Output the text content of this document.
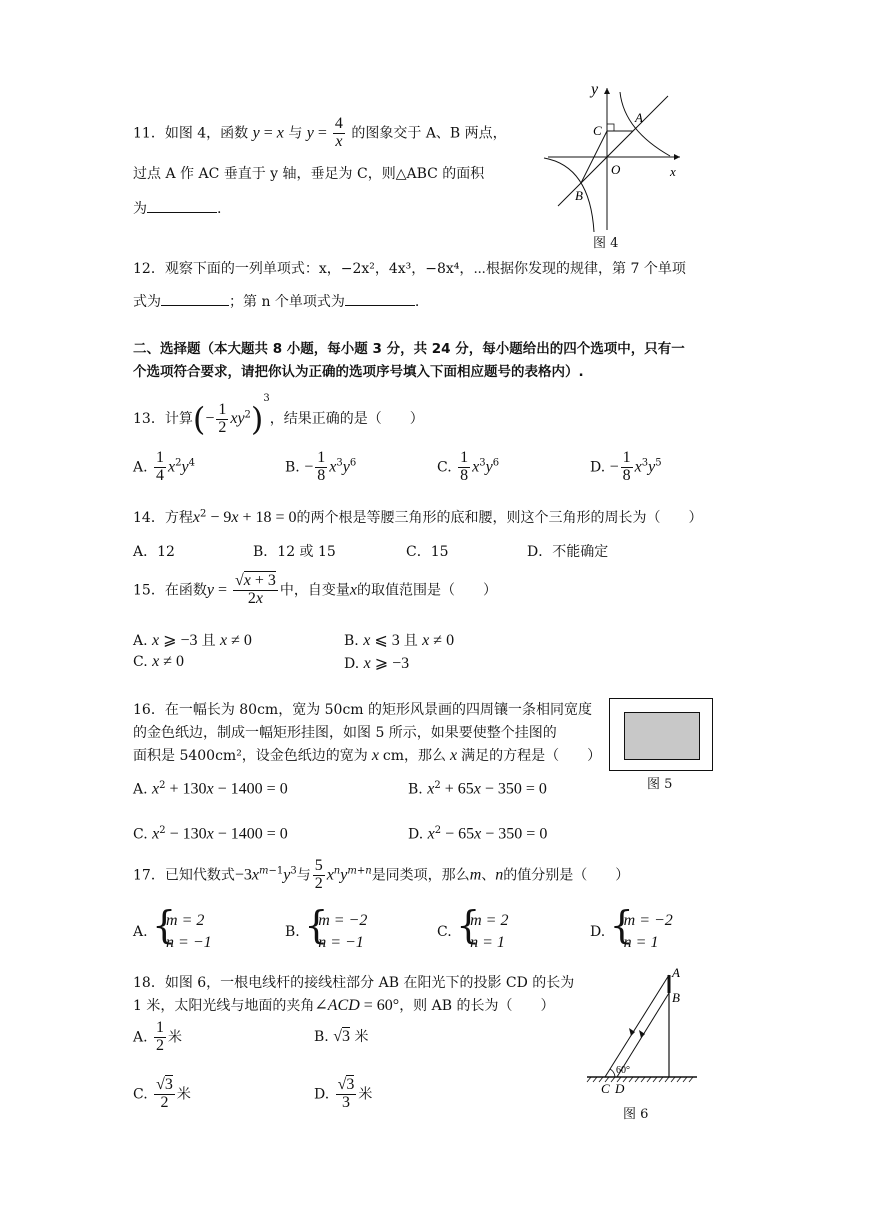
11．如图 4，函数 y = x 与 $y = \frac{4}{x}$ 的图象交于 A、B 两点，
过点 A 作 AC 垂直于 y 轴，垂足为 C，则△ABC 的面积
为	.
y
x
A
C
O
B
图 4
12．观察下面的一列单项式：x，−2x²，4x³，−8x⁴，⋯根据你发现的规律，第 7 个单项
式为	；第 n 个单项式为	.
二、选择题（本大题共 8 小题，每小题 3 分，共 24 分，每小题给出的四个选项中，只有一
个选项符合要求，请把你认为正确的选项序号填入下面相应题号的表格内）.
13．计算(− $\frac{1}{2} xy^2)^3$，结果正确的是（　　）
A. $\frac{1}{4} x^2y^4$	B. − $\frac{1}{8} x^3y^6$	C. $\frac{1}{8} x^3y^6$	D. − $\frac{1}{8} x^3y^5$
14．方程$x^2 - 9x + 18 = 0$的两个根是等腰三角形的底和腰，则这个三角形的周长为（　　）
A．12	B．12 或 15	C．15	D．不能确定
15．在函数$y = \frac{√x + 3}{2x}$ 中，自变量x的取值范围是（　　）
A. x ⩾ −3 且 x ≠ 0	B. x ⩽ 3 且 x ≠ 0
C. x ≠ 0	D. x ⩾ −3
16．在一幅长为 80cm，宽为 50cm 的矩形风景画的四周镶一条相同宽度
的金色纸边，制成一幅矩形挂图，如图 5 所示，如果要使整个挂图的
面积是 5400cm²，设金色纸边的宽为 x cm，那么 x 满足的方程是（　　）
图 5
A. $x^2 + 130x - 1400 = 0$	B. $x^2 + 65x - 350 = 0$
C. $x^2 - 130x - 1400 = 0$	D. $x^2 - 65x - 350 = 0$
17．已知代数式$-3x^{m-1}y^3$与 $\frac{5}{2} x^ny^{m+n}$是同类项，那么m、n的值分别是（　　）
A. {
m = 2
n = −1
B. {
m = −2
n = −1
C. {
m = 2
n = 1
D. {
m = −2
n = 1
18．如图 6，一根电线杆的接线柱部分 AB 在阳光下的投影 CD 的长为
1 米，太阳光线与地面的夹角∠ACD = 60°，则 AB 的长为（　　）
A. $\frac{1}{2}$ 米	B. √3 米
C. $\frac{√3}{2}$ 米	D. $\frac{√3}{3}$ 米
60°
A
B
C D
图 6
